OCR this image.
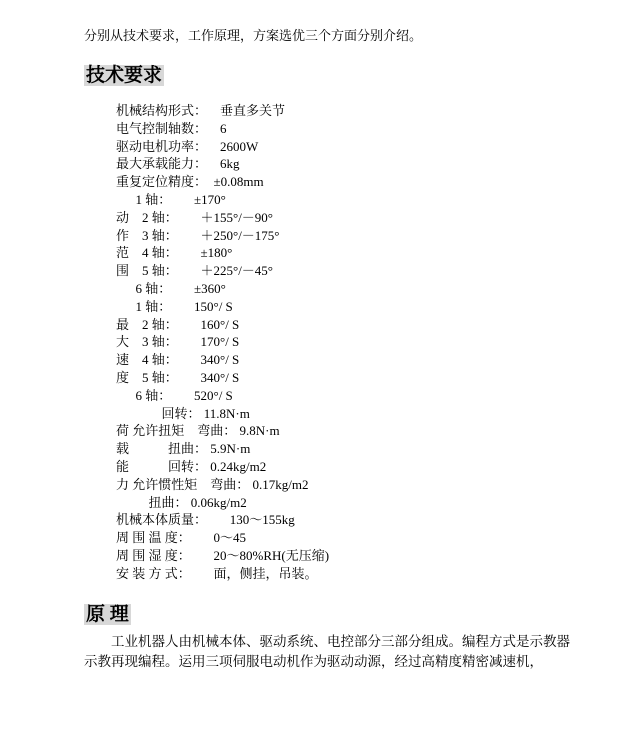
分别从技术要求，工作原理，方案选优三个方面分别介绍。

技术要求
机械结构形式：　  垂直多关节
电气控制轴数：　  6
驱动电机功率：　  2600W
最大承载能力：　  6kg
重复定位精度：　±0.08mm
　  1 轴：　　 ±170°
动　2 轴：　　 ＋155°/－90°
作　3 轴：　　 ＋250°/－175°
范　4 轴：　　 ±180°
围　5 轴：　　 ＋225°/－45°
　  6 轴：　　 ±360°
　  1 轴：　　 150°/ S
最　2 轴：　　 160°/ S
大　3 轴：　　 170°/ S
速　4 轴：　　 340°/ S
度　5 轴：　　 340°/ S
　  6 轴：　　 520°/ S
　　　  回转： 11.8N·m
荷 允许扭矩　弯曲： 9.8N·m
载　　　扭曲： 5.9N·m
能　　　回转： 0.24kg/m2
力 允许惯性矩　弯曲： 0.17kg/m2
　　  扭曲： 0.06kg/m2
机械本体质量：　　 130～155kg
周 围 温 度：　　 0～45
周 围 湿 度：　　 20～80%RH(无压缩)
安 装 方 式：　　 面，侧挂，吊装。
原 理
工业机器人由机械本体、驱动系统、电控部分三部分组成。编程方式是示教器
示教再现编程。运用三项伺服电动机作为驱动动源，经过高精度精密减速机，
